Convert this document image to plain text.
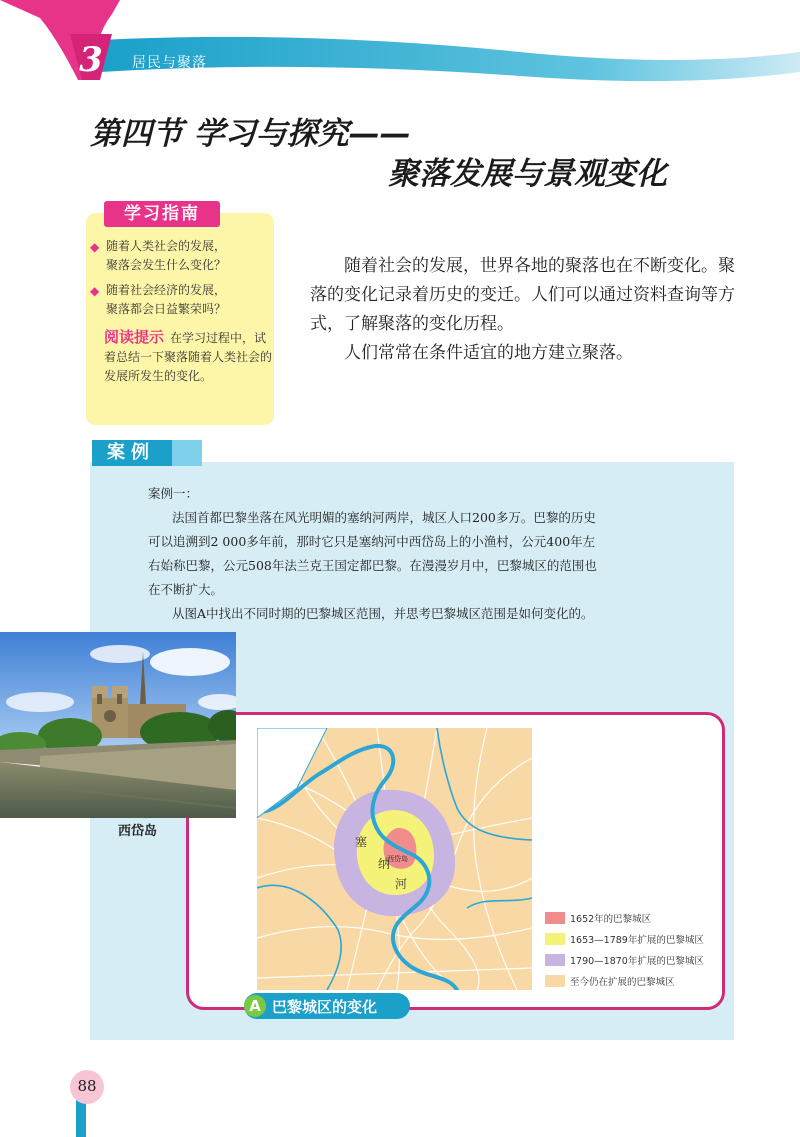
3	居民与聚落
第四节 学习与探究——
聚落发展与景观变化
学习指南
◆ 随着人类社会的发展，
聚落会发生什么变化？
◆ 随着社会经济的发展，
聚落都会日益繁荣吗？
阅读提示 在学习过程中，试着总结一下聚落随着人类社会的发展所发生的变化。
随着社会的发展，世界各地的聚落也在不断变化。聚落的变化记录着历史的变迁。人们可以通过资料查询等方式，了解聚落的变化历程。
人们常常在条件适宜的地方建立聚落。
案例
案例一：
法国首都巴黎坐落在风光明媚的塞纳河两岸，城区人口200多万。巴黎的历史
可以追溯到2 000多年前，那时它只是塞纳河中西岱岛上的小渔村，公元400年左
右始称巴黎，公元508年法兰克王国定都巴黎。在漫漫岁月中，巴黎城区的范围也
在不断扩大。
从图A中找出不同时期的巴黎城区范围，并思考巴黎城区范围是如何变化的。
塞
纳
河
西岱岛
1652年的巴黎城区
1653—1789年扩展的巴黎城区
1790—1870年扩展的巴黎城区
至今仍在扩展的巴黎城区
A 巴黎城区的变化
西岱岛
88
